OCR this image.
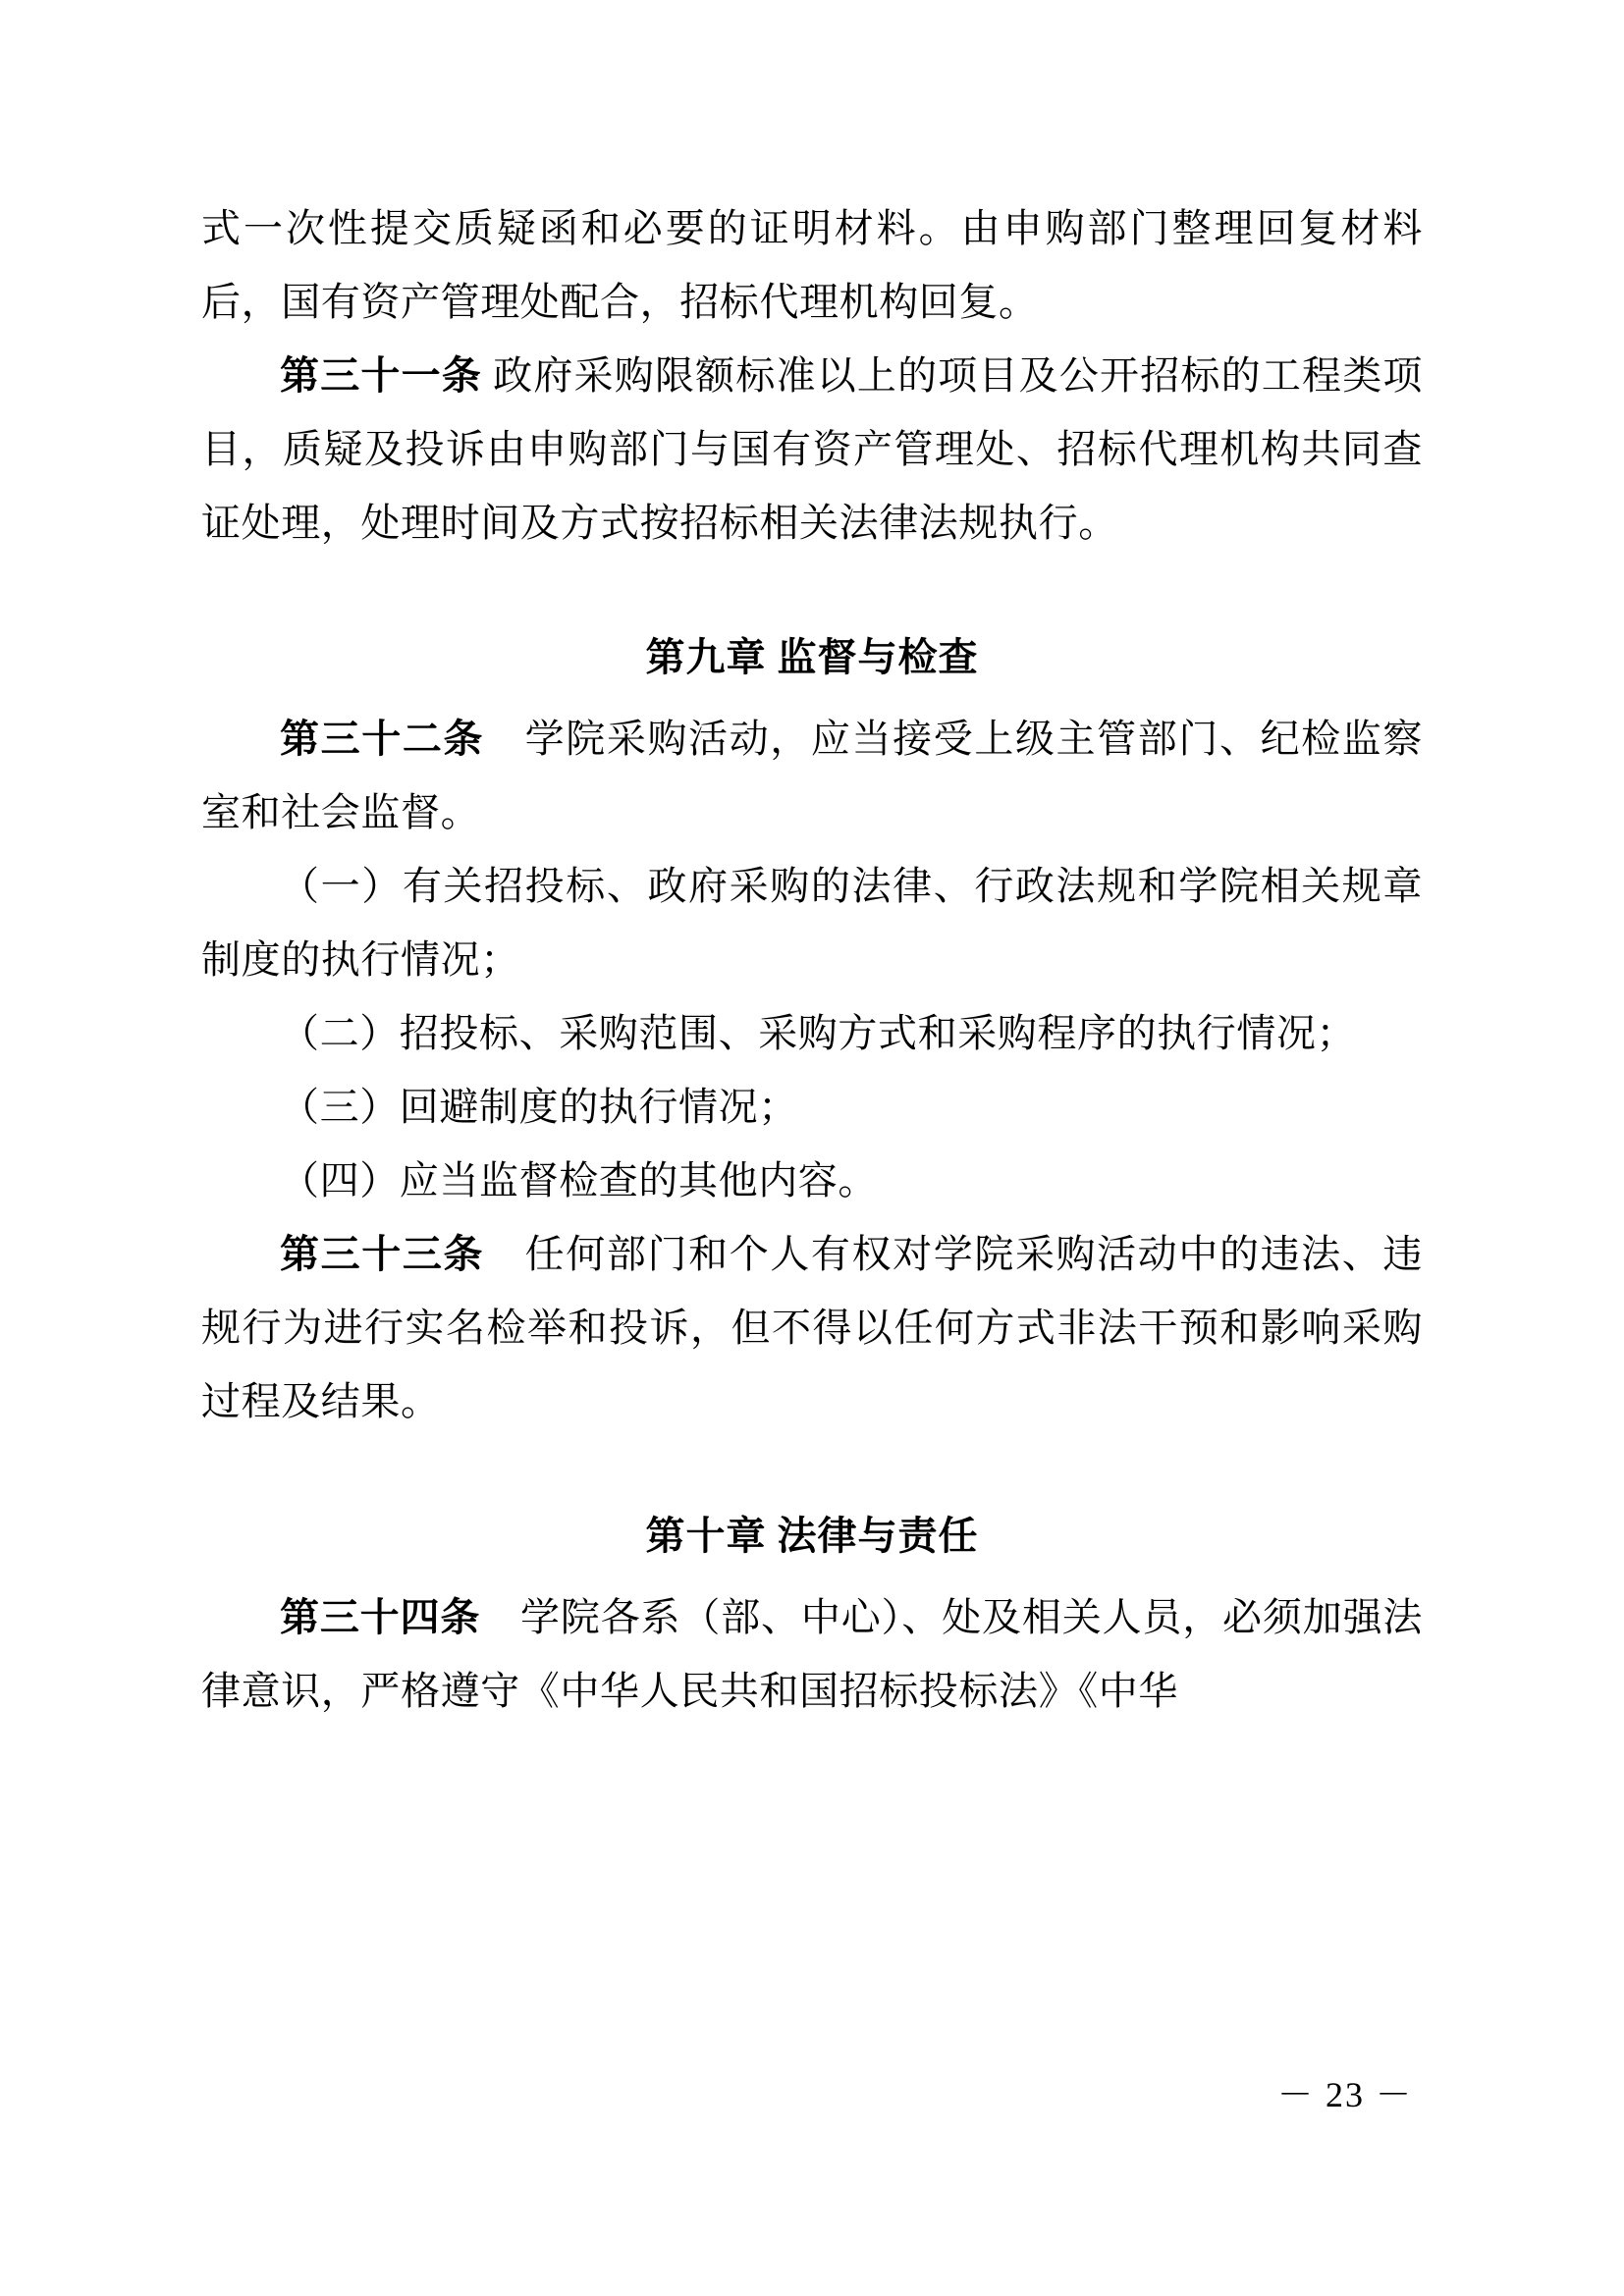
式一次性提交质疑函和必要的证明材料。由申购部门整理回复材料后，国有资产管理处配合，招标代理机构回复。

第三十一条 政府采购限额标准以上的项目及公开招标的工程类项目，质疑及投诉由申购部门与国有资产管理处、招标代理机构共同查证处理，处理时间及方式按招标相关法律法规执行。

第九章 监督与检查

第三十二条　 学院采购活动，应当接受上级主管部门、纪检监察室和社会监督。

（一）有关招投标、政府采购的法律、行政法规和学院相关规章制度的执行情况；

（二）招投标、采购范围、采购方式和采购程序的执行情况；

（三）回避制度的执行情况；

（四）应当监督检查的其他内容。

第三十三条　 任何部门和个人有权对学院采购活动中的违法、违规行为进行实名检举和投诉，但不得以任何方式非法干预和影响采购过程及结果。

第十章 法律与责任

第三十四条　 学院各系（部、中心）、处及相关人员，必须加强法律意识，严格遵守《中华人民共和国招标投标法》《中华

－ 23 －
